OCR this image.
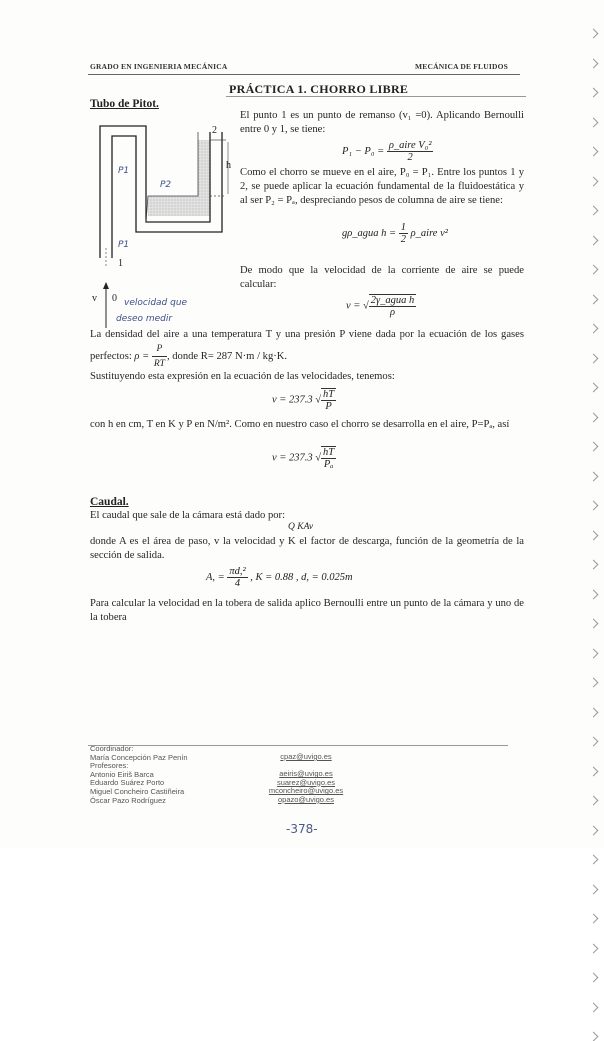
GRADO EN INGENIERIA MECÁNICA	MECÁNICA DE FLUIDOS
PRÁCTICA 1. CHORRO LIBRE
Tubo de Pitot.
2
h
1
v 0
P1
P2
P1
velocidad que
deseo medir
El punto 1 es un punto de remanso (v₁ =0). Aplicando Bernoulli entre 0 y 1, se tiene:
$P_1 - P_0 = \frac{\text{ρ\_aire V₀²}}{2}$
Como el chorro se mueve en el aire, P₀ = P₁. Entre los puntos 1 y 2, se puede aplicar la ecuación fundamental de la fluidoestática y al ser P₂ = Pₐ, despreciando pesos de columna de aire se tiene:
gρ_agua $h = \frac{1}{2}$ ρ_aire v²
De modo que la velocidad de la corriente de aire se puede calcular:
v = √ $\frac{\text{2γ\_agua h}}{\rho}$
La densidad del aire a una temperatura T y una presión P viene dada por la ecuación de los gases perfectos: $\rho = \frac{P}{RT}$ , donde R= 287 N·m / kg·K.
Sustituyendo esta expresión en la ecuación de las velocidades, tenemos:
v = 237.3 √ $\frac{hT}{P}$
con h en cm, T en K y P en N/m². Como en nuestro caso el chorro se desarrolla en el aire, P=Pₐ, así
v = 237.3 √ $\frac{hT}{\text{Pₐ}}$
Caudal.
El caudal que sale de la cámara está dado por:
Q KAv
donde A es el área de paso, v la velocidad y K el factor de descarga, función de la geometría de la sección de salida.
A, = $\frac{\text{πd,²}}{4}$ , K = 0.88 , d, = 0.025m
Para calcular la velocidad en la tobera de salida aplico Bernoulli entre un punto de la cámara y uno de la tobera
Coordinador:
María Concepción Paz Penín
Profesores:
Antonio Eiriš Barca
Eduardo Suárez Porto
Miguel Concheiro Castiñeira
Óscar Pazo Rodríguez
cpaz@uvigo.es
aeiris@uvigo.es
suarez@uvigo.es
mconcheiro@uvigo.es
opazo@uvigo.es
-378-
